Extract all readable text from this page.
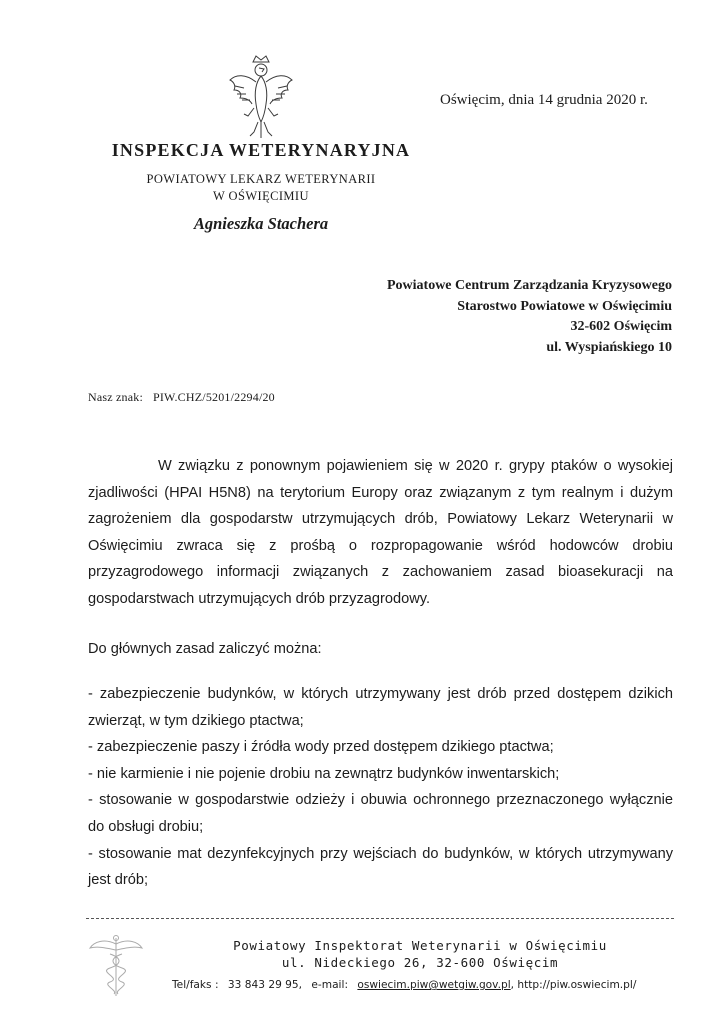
Oświęcim, dnia 14 grudnia 2020 r.
INSPEKCJA WETERYNARYJNA
POWIATOWY LEKARZ WETERYNARII
W OŚWIĘCIMIU
Agnieszka Stachera
Powiatowe Centrum Zarządzania Kryzysowego
Starostwo Powiatowe w Oświęcimiu
32-602 Oświęcim
ul. Wyspiańskiego 10
Nasz znak: PIW.CHZ/5201/2294/20

W związku z ponownym pojawieniem się w 2020 r. grypy ptaków o wysokiej zjadliwości (HPAI H5N8) na terytorium Europy oraz związanym z tym realnym i dużym zagrożeniem dla gospodarstw utrzymujących drób, Powiatowy Lekarz Weterynarii w Oświęcimiu zwraca się z prośbą o rozpropagowanie wśród hodowców drobiu przyzagrodowego informacji związanych z zachowaniem zasad bioasekuracji na gospodarstwach utrzymujących drób przyzagrodowy.

Do głównych zasad zaliczyć można:
- zabezpieczenie budynków, w których utrzymywany jest drób przed dostępem dzikich zwierząt, w tym dzikiego ptactwa;
- zabezpieczenie paszy i źródła wody przed dostępem dzikiego ptactwa;
- nie karmienie i nie pojenie drobiu na zewnątrz budynków inwentarskich;
- stosowanie w gospodarstwie odzieży i obuwia ochronnego przeznaczonego wyłącznie do obsługi drobiu;
- stosowanie mat dezynfekcyjnych przy wejściach do budynków, w których utrzymywany jest drób;
Powiatowy Inspektorat Weterynarii w Oświęcimiu
ul. Nideckiego 26, 32-600 Oświęcim
Tel/faks : 33 843 29 95, e-mail: oswiecim.piw@wetgiw.gov.pl, http://piw.oswiecim.pl/
